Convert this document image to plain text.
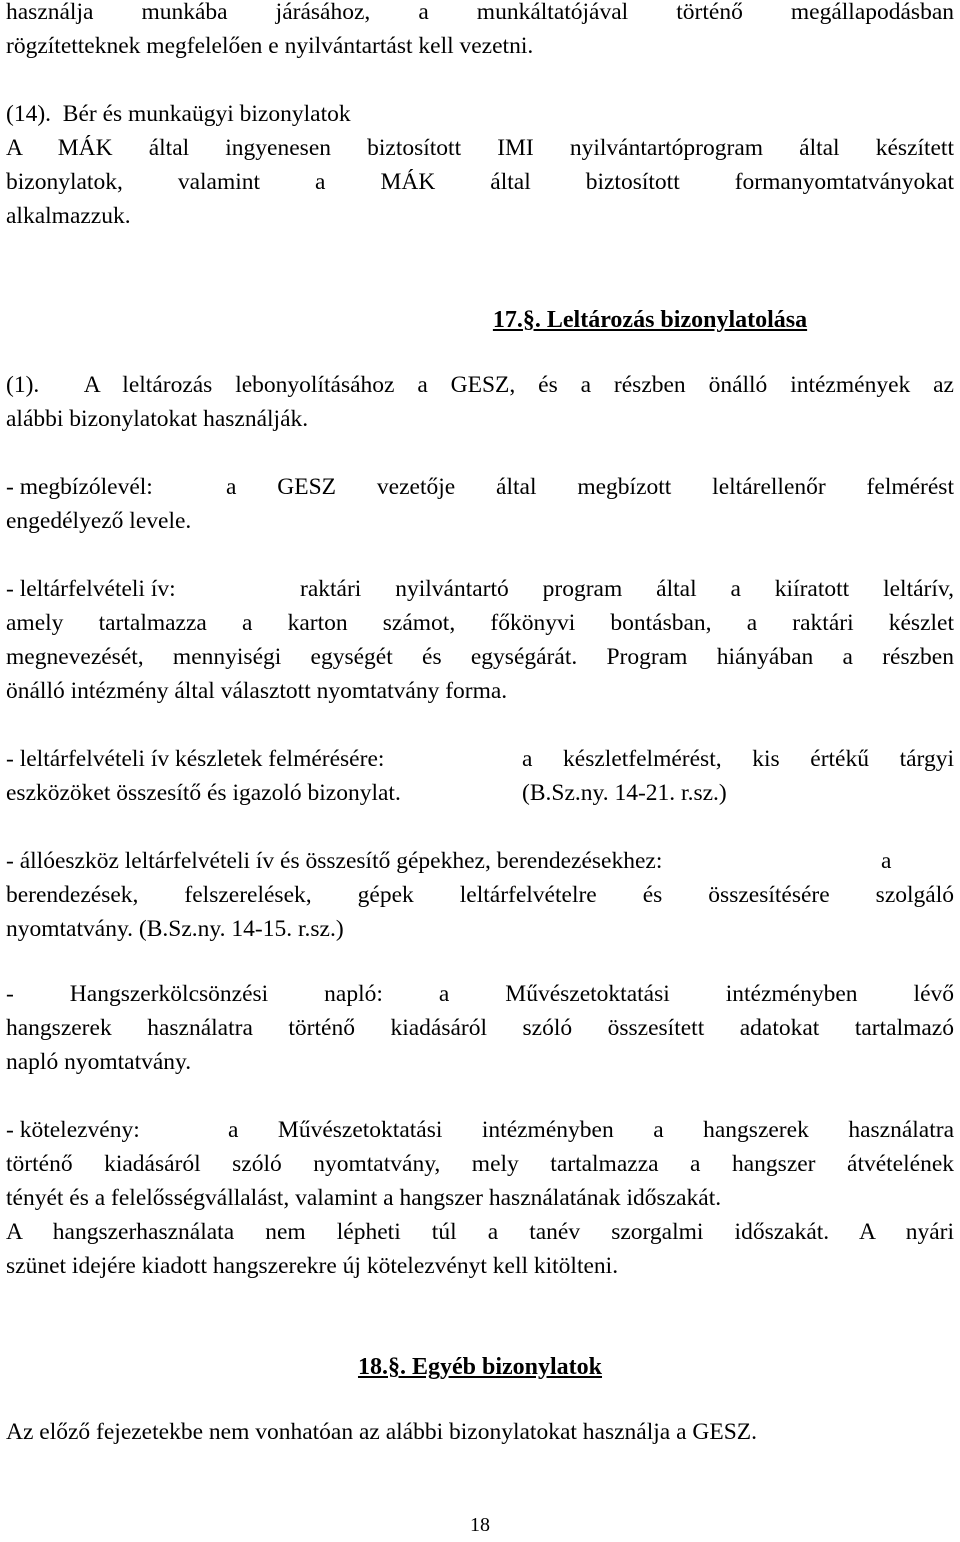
használja munkába járásához, a munkáltatójával történő megállapodásban
rögzítetteknek megfelelően e nyilvántartást kell vezetni.
(14).  Bér és munkaügyi bizonylatok
A MÁK által ingyenesen biztosított IMI nyilvántartóprogram által készített
bizonylatok, valamint a MÁK által biztosított formanyomtatványokat
alkalmazzuk.
17.§. Leltározás bizonylatolása
(1).  A leltározás lebonyolításához a GESZ, és a részben önálló intézmények az
alábbi bizonylatokat használják.
- megbízólevél:	a GESZ vezetője által megbízott leltárellenőr felmérést
engedélyező levele.
- leltárfelvételi ív:	raktári nyilvántartó program által a kiíratott leltárív,
amely tartalmazza a karton számot, főkönyvi bontásban, a raktári készlet
megnevezését, mennyiségi egységét és egységárát. Program hiányában a részben
önálló intézmény által választott nyomtatvány forma.
- leltárfelvételi ív készletek felmérésére:	a készletfelmérést, kis értékű tárgyi
eszközöket összesítő és igazoló bizonylat.	(B.Sz.ny. 14-21. r.sz.)
- állóeszköz leltárfelvételi ív és összesítő gépekhez, berendezésekhez:	a
berendezések, felszerelések, gépek leltárfelvételre és összesítésére szolgáló
nyomtatvány. (B.Sz.ny. 14-15. r.sz.)
- Hangszerkölcsönzési napló: a Művészetoktatási intézményben lévő
hangszerek használatra történő kiadásáról szóló összesített adatokat tartalmazó
napló nyomtatvány.
- kötelezvény:	a Művészetoktatási intézményben a hangszerek használatra
történő kiadásáról szóló nyomtatvány, mely tartalmazza a hangszer átvételének
tényét és a felelősségvállalást, valamint a hangszer használatának időszakát.
A hangszerhasználata nem lépheti túl a tanév szorgalmi időszakát. A nyári
szünet idejére kiadott hangszerekre új kötelezvényt kell kitölteni.
18.§. Egyéb bizonylatok
Az előző fejezetekbe nem vonhatóan az alábbi bizonylatokat használja a GESZ.
18
